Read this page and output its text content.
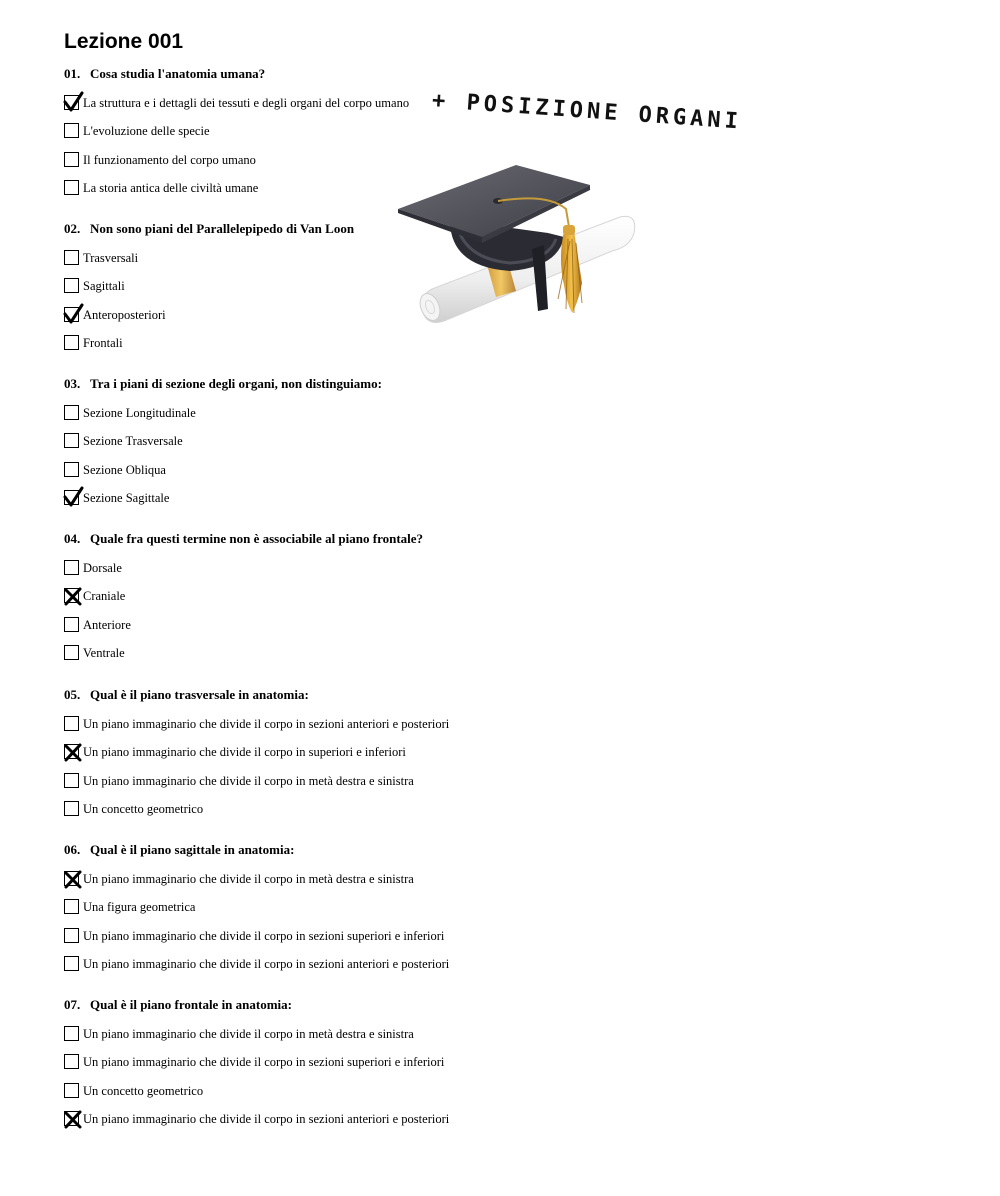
Lezione 001
01. Cosa studia l'anatomia umana?
La struttura e i dettagli dei tessuti e degli organi del corpo umano
L'evoluzione delle specie
Il funzionamento del corpo umano
La storia antica delle civiltà umane
02. Non sono piani del Parallelepipedo di Van Loon
Trasversali
Sagittali
Anteroposteriori
Frontali
03. Tra i piani di sezione degli organi, non distinguiamo:
Sezione Longitudinale
Sezione Trasversale
Sezione Obliqua
Sezione Sagittale
04. Quale fra questi termine non è associabile al piano frontale?
Dorsale
Craniale
Anteriore
Ventrale
05. Qual è il piano trasversale in anatomia:
Un piano immaginario che divide il corpo in sezioni anteriori e posteriori
Un piano immaginario che divide il corpo in superiori e inferiori
Un piano immaginario che divide il corpo in metà destra e sinistra
Un concetto geometrico
06. Qual è il piano sagittale in anatomia:
Un piano immaginario che divide il corpo in metà destra e sinistra
Una figura geometrica
Un piano immaginario che divide il corpo in sezioni superiori e inferiori
Un piano immaginario che divide il corpo in sezioni anteriori e posteriori
07. Qual è il piano frontale in anatomia:
Un piano immaginario che divide il corpo in metà destra e sinistra
Un piano immaginario che divide il corpo in sezioni superiori e inferiori
Un concetto geometrico
Un piano immaginario che divide il corpo in sezioni anteriori e posteriori
+ POSIZIONE ORGANI
